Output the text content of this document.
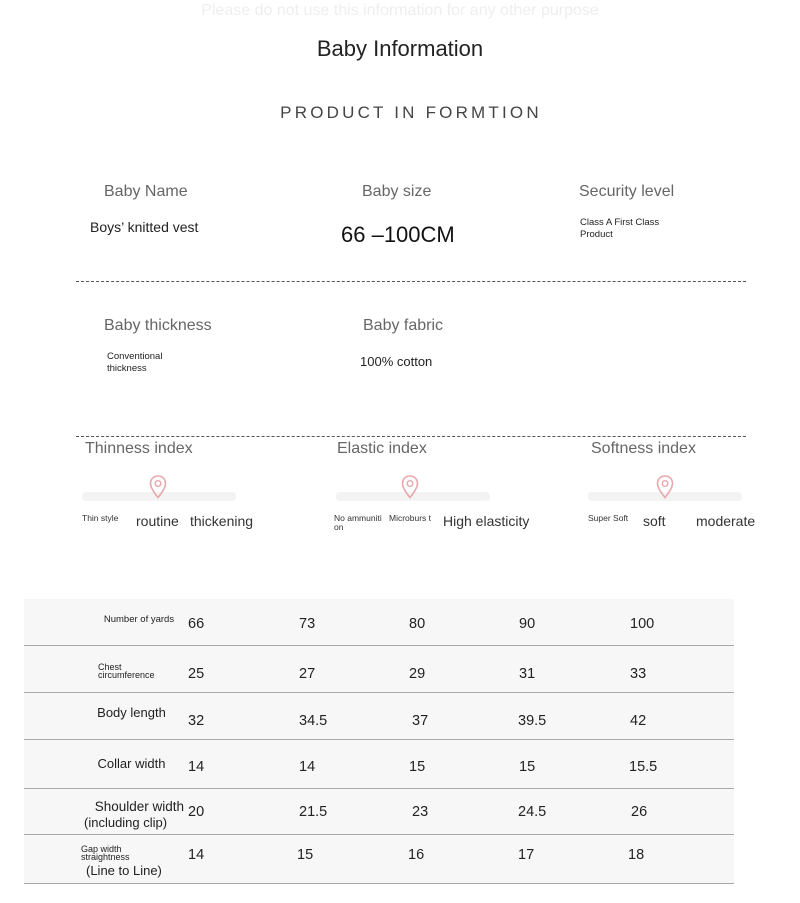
Please do not use this information for any other purpose
Baby Information
PRODUCT IN FORMTION
Baby Name
Boys’ knitted vest
Baby size
66 –100CM
Security level
Class A First Class Product
Baby thickness
Conventional thickness
Baby fabric
100% cotton
Thinness index
Thin style routine thickening
Elastic index
No ammuniti on
Microburs t High elasticity
Softness index
Super Soft soft moderate
Number of yards 66	73	80	90	100
Chest circumference	25	27	29	31	33
Body length
32	34.5	37	39.5	42
Collar width	14	14	15	15	15.5
Shoulder width
(including clip)
20	21.5	23	24.5	26
Gap width straightness
(Line to Line)
14	15	16	17	18
